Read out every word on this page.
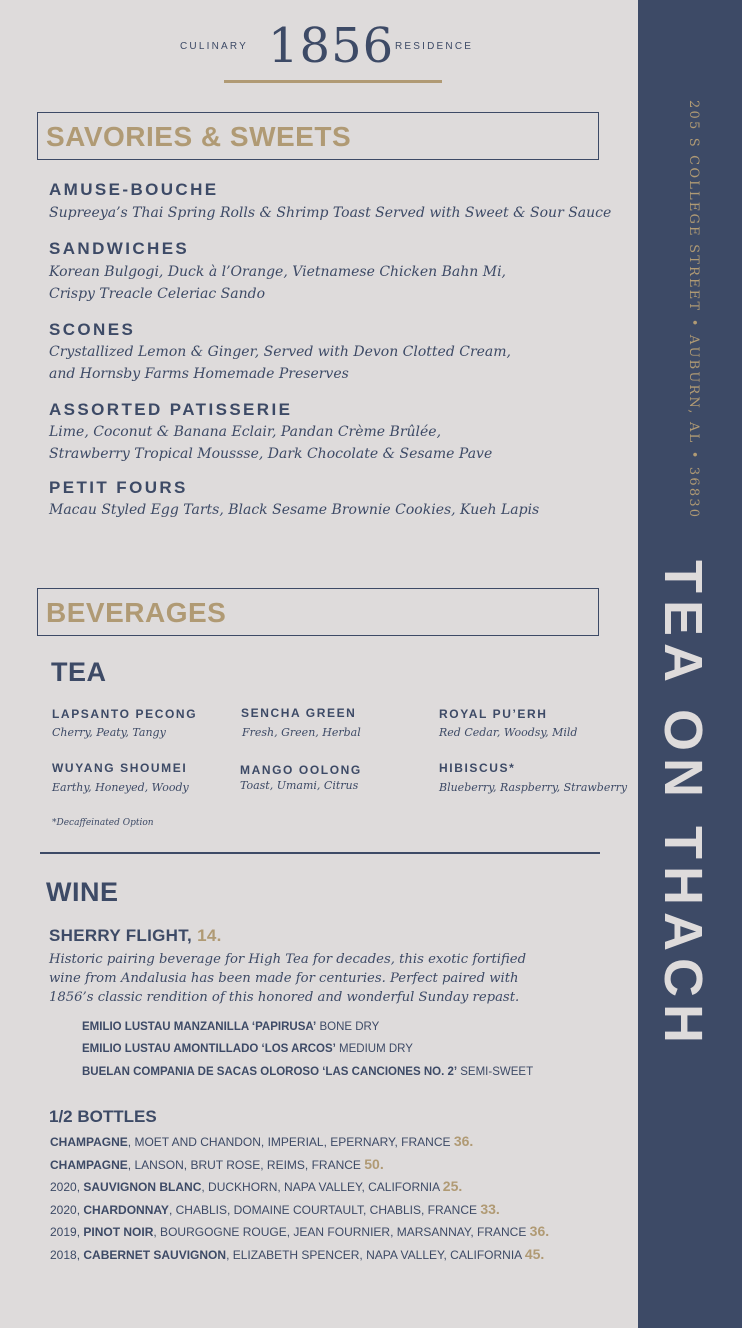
CULINARY 1856 RESIDENCE
SAVORIES & SWEETS
AMUSE-BOUCHE
Supreeya’s Thai Spring Rolls & Shrimp Toast Served with Sweet & Sour Sauce
SANDWICHES
Korean Bulgogi, Duck à l’Orange, Vietnamese Chicken Bahn Mi,
Crispy Treacle Celeriac Sando
SCONES
Crystallized Lemon & Ginger, Served with Devon Clotted Cream,
and Hornsby Farms Homemade Preserves
ASSORTED PATISSERIE
Lime, Coconut & Banana Eclair, Pandan Crème Brûlée,
Strawberry Tropical Moussse, Dark Chocolate & Sesame Pave
PETIT FOURS
Macau Styled Egg Tarts, Black Sesame Brownie Cookies, Kueh Lapis
BEVERAGES
TEA
LAPSANTO PECONG
Cherry, Peaty, Tangy
SENCHA GREEN
Fresh, Green, Herbal
ROYAL PU’ERH
Red Cedar, Woodsy, Mild
WUYANG SHOUMEI
Earthy, Honeyed, Woody
MANGO OOLONG
Toast, Umami, Citrus
HIBISCUS*
Blueberry, Raspberry, Strawberry
*Decaffeinated Option
WINE
SHERRY FLIGHT, 14.
Historic pairing beverage for High Tea for decades, this exotic fortified
wine from Andalusia has been made for centuries. Perfect paired with
1856’s classic rendition of this honored and wonderful Sunday repast.
EMILIO LUSTAU MANZANILLA ‘PAPIRUSA’ BONE DRY
EMILIO LUSTAU AMONTILLADO ‘LOS ARCOS’ MEDIUM DRY
BUELAN COMPANIA DE SACAS OLOROSO ‘LAS CANCIONES NO. 2’ SEMI-SWEET
1/2 BOTTLES
CHAMPAGNE, MOET AND CHANDON, IMPERIAL, EPERNARY, FRANCE 36.
CHAMPAGNE, LANSON, BRUT ROSE, REIMS, FRANCE 50.
2020, SAUVIGNON BLANC, DUCKHORN, NAPA VALLEY, CALIFORNIA 25.
2020, CHARDONNAY, CHABLIS, DOMAINE COURTAULT, CHABLIS, FRANCE 33.
2019, PINOT NOIR, BOURGOGNE ROUGE, JEAN FOURNIER, MARSANNAY, FRANCE 36.
2018, CABERNET SAUVIGNON, ELIZABETH SPENCER, NAPA VALLEY, CALIFORNIA 45.
205 S COLLEGE STREET • AUBURN, AL • 36830
TEA ON THACH
